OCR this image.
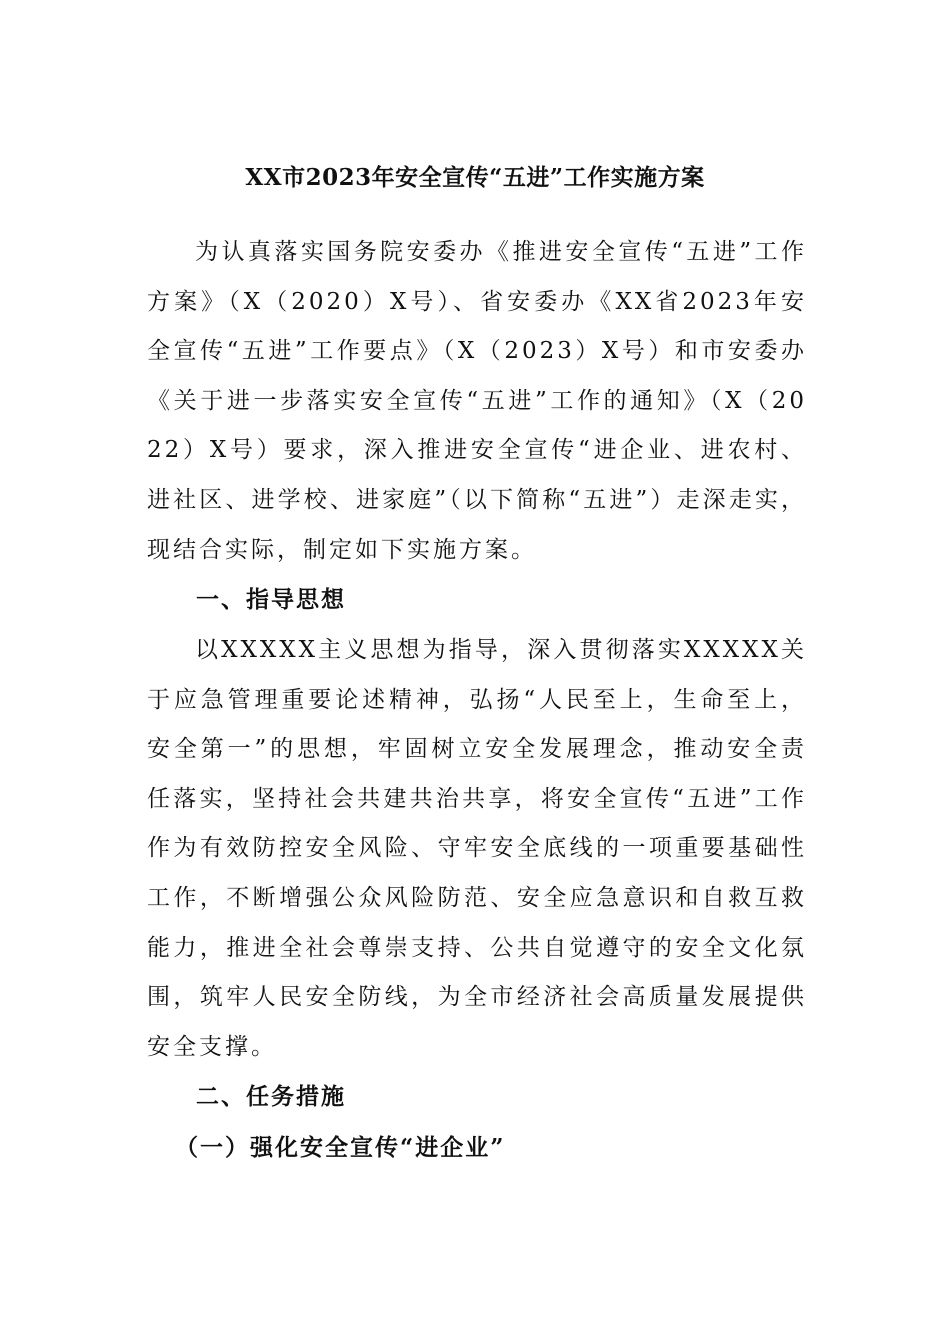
XX市2023年安全宣传“五进”工作实施方案

为认真落实国务院安委办《推进安全宣传“五进”工作方案》（X（2020）X号）、省安委办《XX省2023年安全宣传“五进”工作要点》（X（2023）X号）和市安委办《关于进一步落实安全宣传“五进”工作的通知》（X（2022）X号）要求，深入推进安全宣传“进企业、进农村、进社区、进学校、进家庭”（以下简称“五进”）走深走实，现结合实际，制定如下实施方案。

一、指导思想

以XXXXX主义思想为指导，深入贯彻落实XXXXX关于应急管理重要论述精神，弘扬“人民至上，生命至上，安全第一”的思想，牢固树立安全发展理念，推动安全责任落实，坚持社会共建共治共享，将安全宣传“五进”工作作为有效防控安全风险、守牢安全底线的一项重要基础性工作，不断增强公众风险防范、安全应急意识和自救互救能力，推进全社会尊崇支持、公共自觉遵守的安全文化氛围，筑牢人民安全防线，为全市经济社会高质量发展提供安全支撑。

二、任务措施
（一）强化安全宣传“进企业”
